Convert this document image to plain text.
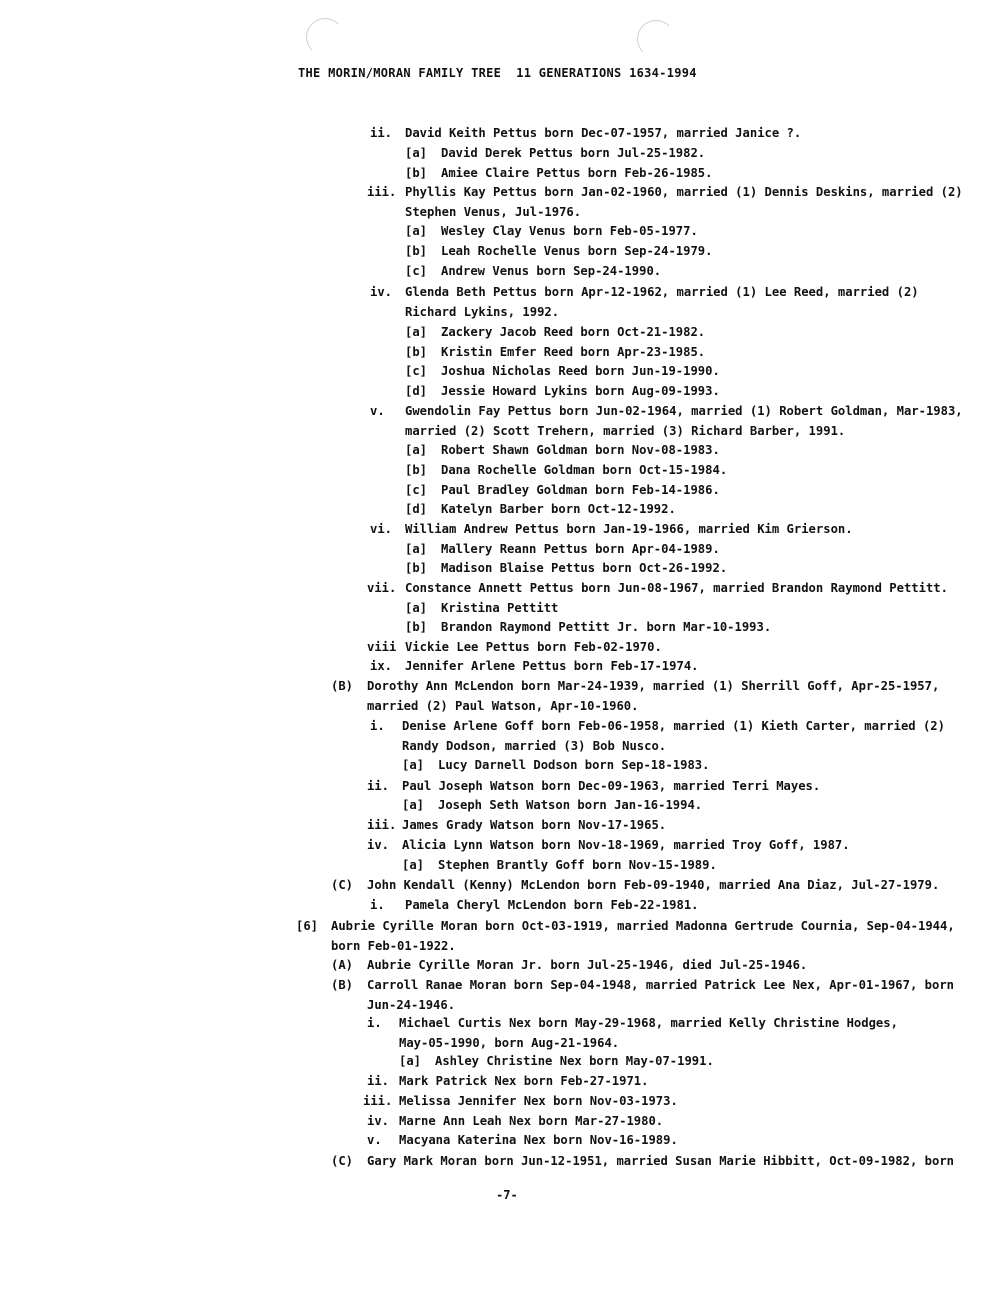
THE MORIN/MORAN FAMILY TREE  11 GENERATIONS 1634-1994
ii. David Keith Pettus born Dec-07-1957, married Janice ?.
[a] David Derek Pettus born Jul-25-1982.
[b] Amiee Claire Pettus born Feb-26-1985.
iii. Phyllis Kay Pettus born Jan-02-1960, married (1) Dennis Deskins, married (2)
Stephen Venus, Jul-1976.
[a] Wesley Clay Venus born Feb-05-1977.
[b] Leah Rochelle Venus born Sep-24-1979.
[c] Andrew Venus born Sep-24-1990.
iv. Glenda Beth Pettus born Apr-12-1962, married (1) Lee Reed, married (2)
Richard Lykins, 1992.
[a] Zackery Jacob Reed born Oct-21-1982.
[b] Kristin Emfer Reed born Apr-23-1985.
[c] Joshua Nicholas Reed born Jun-19-1990.
[d] Jessie Howard Lykins born Aug-09-1993.
v. Gwendolin Fay Pettus born Jun-02-1964, married (1) Robert Goldman, Mar-1983,
married (2) Scott Trehern, married (3) Richard Barber, 1991.
[a] Robert Shawn Goldman born Nov-08-1983.
[b] Dana Rochelle Goldman born Oct-15-1984.
[c] Paul Bradley Goldman born Feb-14-1986.
[d] Katelyn Barber born Oct-12-1992.
vi. William Andrew Pettus born Jan-19-1966, married Kim Grierson.
[a] Mallery Reann Pettus born Apr-04-1989.
[b] Madison Blaise Pettus born Oct-26-1992.
vii. Constance Annett Pettus born Jun-08-1967, married Brandon Raymond Pettitt.
[a] Kristina Pettitt
[b] Brandon Raymond Pettitt Jr. born Mar-10-1993.
viii Vickie Lee Pettus born Feb-02-1970.
ix. Jennifer Arlene Pettus born Feb-17-1974.
(B) Dorothy Ann McLendon born Mar-24-1939, married (1) Sherrill Goff, Apr-25-1957,
married (2) Paul Watson, Apr-10-1960.
i. Denise Arlene Goff born Feb-06-1958, married (1) Kieth Carter, married (2)
Randy Dodson, married (3) Bob Nusco.
[a] Lucy Darnell Dodson born Sep-18-1983.
ii. Paul Joseph Watson born Dec-09-1963, married Terri Mayes.
[a] Joseph Seth Watson born Jan-16-1994.
iii. James Grady Watson born Nov-17-1965.
iv. Alicia Lynn Watson born Nov-18-1969, married Troy Goff, 1987.
[a] Stephen Brantly Goff born Nov-15-1989.
(C) John Kendall (Kenny) McLendon born Feb-09-1940, married Ana Diaz, Jul-27-1979.
i. Pamela Cheryl McLendon born Feb-22-1981.
[6] Aubrie Cyrille Moran born Oct-03-1919, married Madonna Gertrude Cournia, Sep-04-1944,
born Feb-01-1922.
(A) Aubrie Cyrille Moran Jr. born Jul-25-1946, died Jul-25-1946.
(B) Carroll Ranae Moran born Sep-04-1948, married Patrick Lee Nex, Apr-01-1967, born
Jun-24-1946.
i. Michael Curtis Nex born May-29-1968, married Kelly Christine Hodges,
May-05-1990, born Aug-21-1964.
[a] Ashley Christine Nex born May-07-1991.
ii. Mark Patrick Nex born Feb-27-1971.
iii. Melissa Jennifer Nex born Nov-03-1973.
iv. Marne Ann Leah Nex born Mar-27-1980.
v. Macyana Katerina Nex born Nov-16-1989.
(C) Gary Mark Moran born Jun-12-1951, married Susan Marie Hibbitt, Oct-09-1982, born
-7-
